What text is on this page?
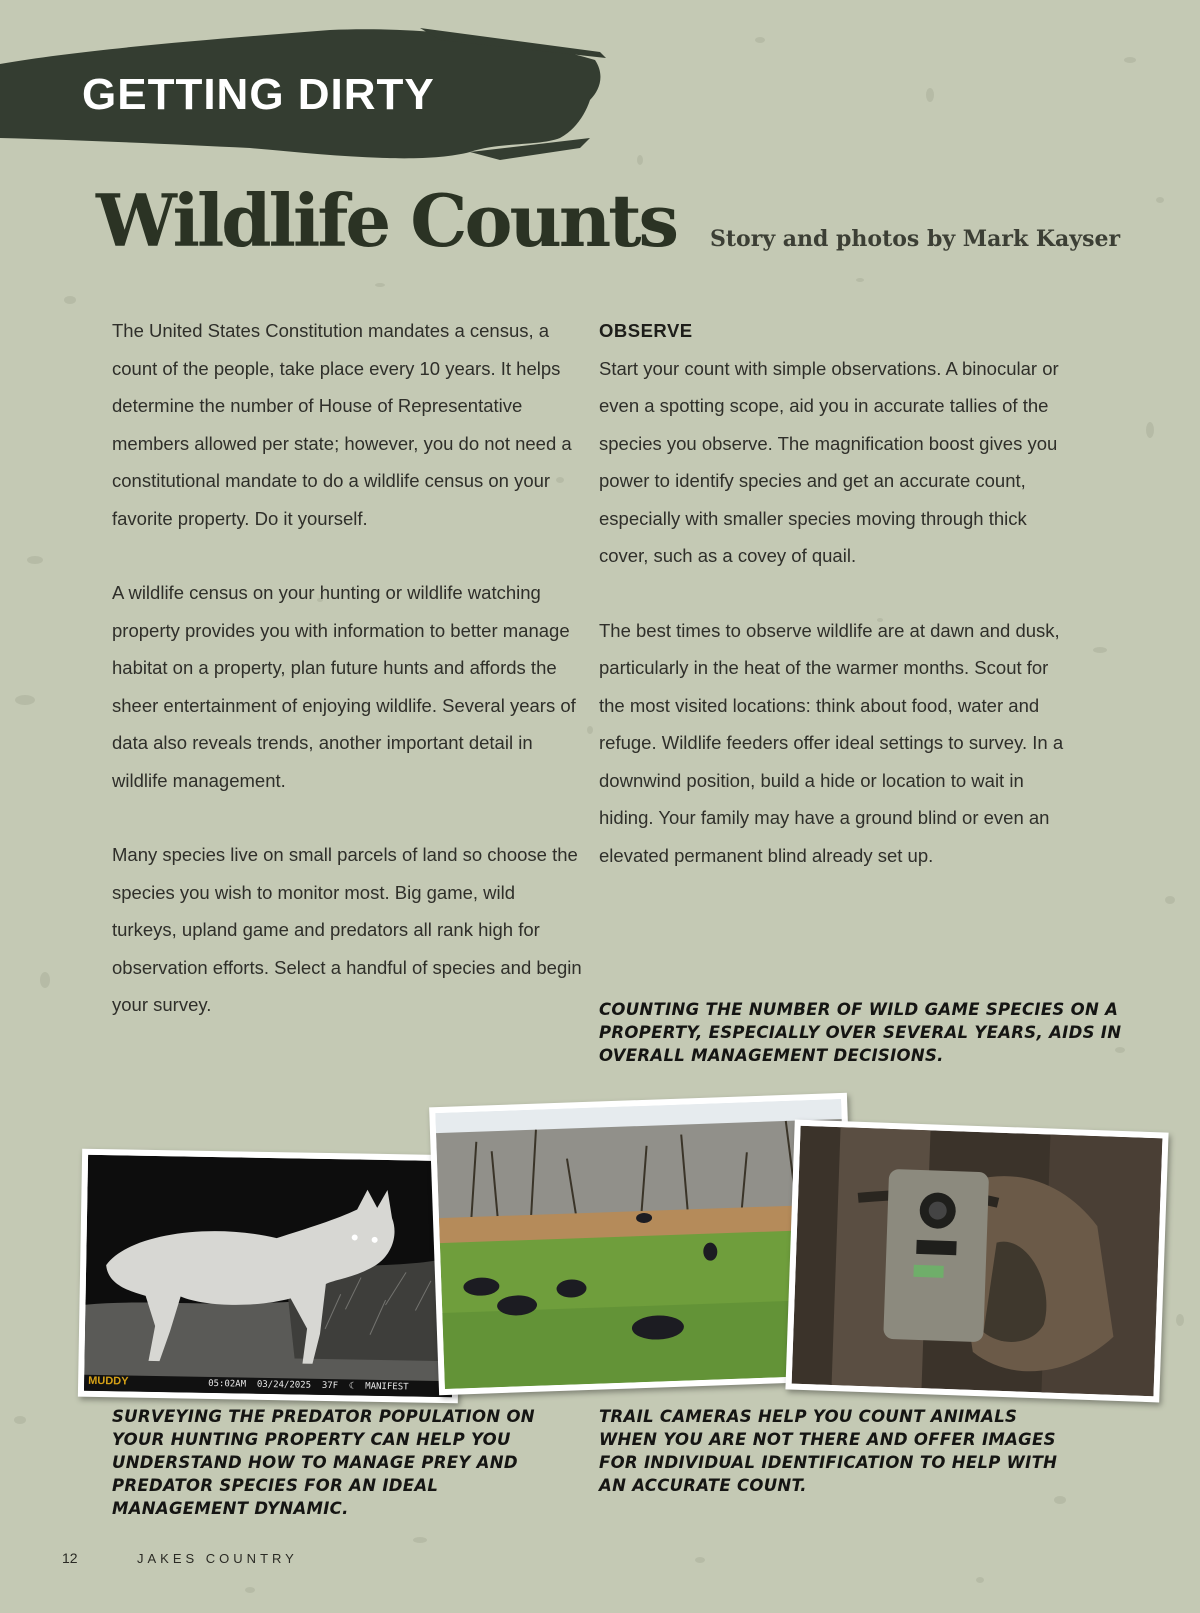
GETTING DIRTY
Wildlife Counts Story and photos by Mark Kayser

The United States Constitution mandates a census, a count of the people, take place every 10 years. It helps determine the number of House of Representative members allowed per state; however, you do not need a constitutional mandate to do a wildlife census on your favorite property. Do it yourself.

A wildlife census on your hunting or wildlife watching property provides you with information to better manage habitat on a property, plan future hunts and affords the sheer entertainment of enjoying wildlife. Several years of data also reveals trends, another important detail in wildlife management.

Many species live on small parcels of land so choose the species you wish to monitor most. Big game, wild turkeys, upland game and predators all rank high for observation efforts. Select a handful of species and begin your survey.

OBSERVE

Start your count with simple observations. A binocular or even a spotting scope, aid you in accurate tallies of the species you observe. The magnification boost gives you power to identify species and get an accurate count, especially with smaller species moving through thick cover, such as a covey of quail.

The best times to observe wildlife are at dawn and dusk, particularly in the heat of the warmer months. Scout for the most visited locations: think about food, water and refuge. Wildlife feeders offer ideal settings to survey. In a downwind position, build a hide or location to wait in hiding. Your family may have a ground blind or even an elevated permanent blind already set up.

COUNTING THE NUMBER OF WILD GAME SPECIES ON A PROPERTY, ESPECIALLY OVER SEVERAL YEARS, AIDS IN OVERALL MANAGEMENT DECISIONS.
MUDDY	05:02AM  03/24/2025  37F  ☾  MANIFEST
SURVEYING THE PREDATOR POPULATION ON YOUR HUNTING PROPERTY CAN HELP YOU UNDERSTAND HOW TO MANAGE PREY AND PREDATOR SPECIES FOR AN IDEAL MANAGEMENT DYNAMIC.
TRAIL CAMERAS HELP YOU COUNT ANIMALS WHEN YOU ARE NOT THERE AND OFFER IMAGES FOR INDIVIDUAL IDENTIFICATION TO HELP WITH AN ACCURATE COUNT.
12	JAKES COUNTRY
